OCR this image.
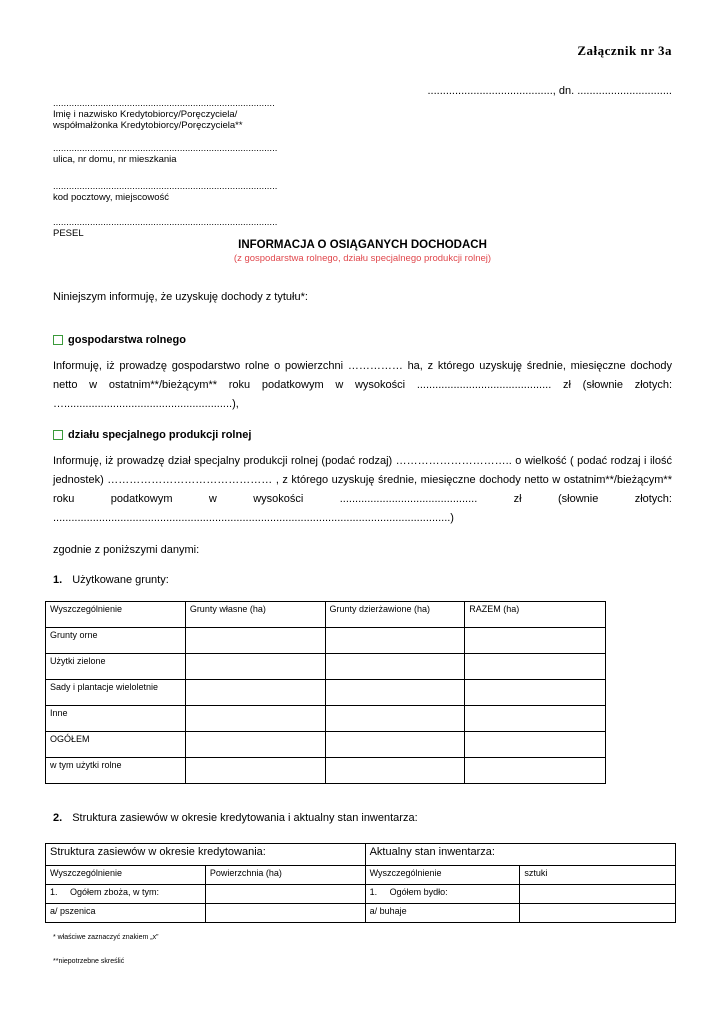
Załącznik nr 3a
........................................., dn. ...............................
....................................................................................
Imię i nazwisko Kredytobiorcy/Poręczyciela/
współmałżonka Kredytobiorcy/Poręczyciela**
.....................................................................................
ulica, nr domu, nr mieszkania
.....................................................................................
kod pocztowy, miejscowość
.....................................................................................
PESEL
INFORMACJA O OSIĄGANYCH DOCHODACH
(z gospodarstwa rolnego, działu specjalnego produkcji rolnej)
Niniejszym informuję, że uzyskuję dochody z tytułu*:
gospodarstwa rolnego
Informuję, iż prowadzę gospodarstwo rolne o powierzchni …………… ha, z którego uzyskuję średnie, miesięczne dochody netto w ostatnim**/bieżącym** roku podatkowym w wysokości ............................................ zł (słownie złotych: ….......................................................),
działu specjalnego produkcji rolnej
Informuję, iż prowadzę dział specjalny produkcji rolnej (podać rodzaj) ………………………….. o wielkość ( podać rodzaj i ilość jednostek) ……………………………………… , z którego uzyskuję średnie, miesięczne dochody netto w ostatnim**/bieżącym** roku podatkowym w wysokości ............................................. zł (słownie złotych: ..................................................................................................................................)
zgodnie z poniższymi danymi:
1. Użytkowane grunty:
Wyszczególnienie	Grunty własne (ha)	Grunty dzierżawione (ha)	RAZEM (ha)
Grunty orne			
Użytki zielone			
Sady i plantacje wieloletnie			
Inne			
OGÓŁEM			
w tym użytki rolne			
2. Struktura zasiewów w okresie kredytowania i aktualny stan inwentarza:
Struktura zasiewów w okresie kredytowania:		Aktualny stan inwentarza:	
Wyszczególnienie	Powierzchnia (ha)	Wyszczególnienie	sztuki
1.     Ogółem zboża, w tym:		1.     Ogółem bydło:	
a/ pszenica		a/ buhaje	
* właściwe zaznaczyć znakiem „x”
**niepotrzebne skreślić
